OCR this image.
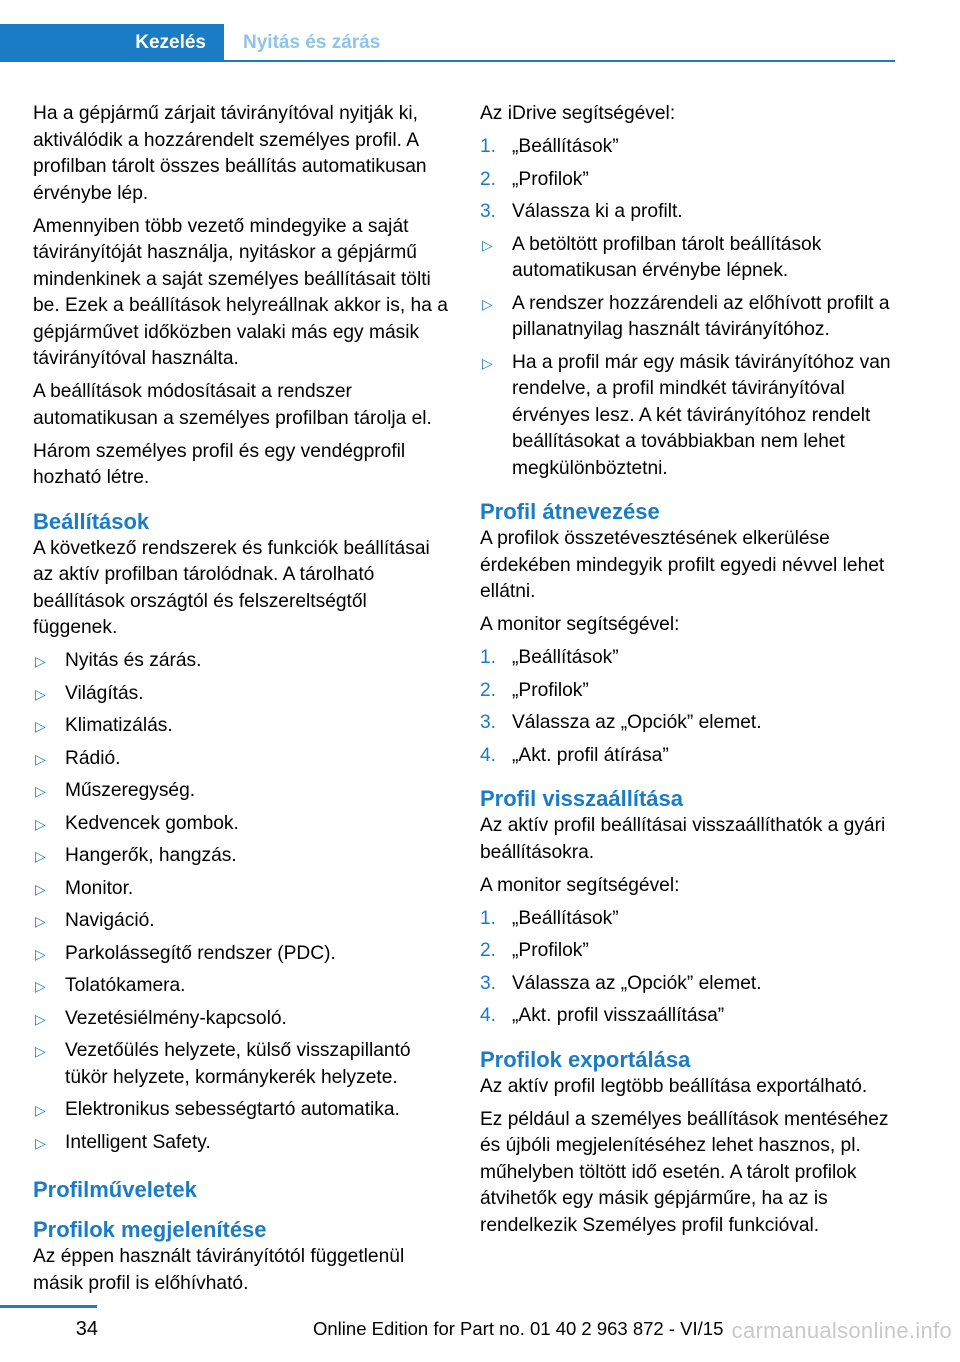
Kezelés	Nyitás és zárás

Ha a gépjármű zárjait távirányítóval nyitják ki, aktiválódik a hozzárendelt személyes profil. A profilban tárolt összes beállítás automatikusan érvénybe lép.

Amennyiben több vezető mindegyike a saját távirányítóját használja, nyitáskor a gépjármű mindenkinek a saját személyes beállításait tölti be. Ezek a beállítások helyreállnak akkor is, ha a gépjárművet időközben valaki más egy másik távirányítóval használta.

A beállítások módosításait a rendszer automatikusan a személyes profilban tárolja el.

Három személyes profil és egy vendégprofil hozható létre.

Beállítások

A következő rendszerek és funkciók beállításai az aktív profilban tárolódnak. A tárolható beállítások országtól és felszereltségtől függenek.

▷ Nyitás és zárás.
▷ Világítás.
▷ Klimatizálás.
▷ Rádió.
▷ Műszeregység.
▷ Kedvencek gombok.
▷ Hangerők, hangzás.
▷ Monitor.
▷ Navigáció.
▷ Parkolássegítő rendszer (PDC).
▷ Tolatókamera.
▷ Vezetésiélmény-kapcsoló.
▷ Vezetőülés helyzete, külső visszapillantó tükör helyzete, kormánykerék helyzete.
▷ Elektronikus sebességtartó automatika.
▷ Intelligent Safety.
Profilműveletek
Profilok megjelenítése

Az éppen használt távirányítótól függetlenül másik profil is előhívható.

Az iDrive segítségével:

1. „Beállítások”
2. „Profilok”
3. Válassza ki a profilt.
▷ A betöltött profilban tárolt beállítások automatikusan érvénybe lépnek.
▷ A rendszer hozzárendeli az előhívott profilt a pillanatnyilag használt távirányítóhoz.
▷ Ha a profil már egy másik távirányítóhoz van rendelve, a profil mindkét távirányítóval érvényes lesz. A két távirányítóhoz rendelt beállításokat a továbbiakban nem lehet megkülönböztetni.
Profil átnevezése

A profilok összetévesztésének elkerülése érdekében mindegyik profilt egyedi névvel lehet ellátni.

A monitor segítségével:

1. „Beállítások”
2. „Profilok”
3. Válassza az „Opciók” elemet.
4. „Akt. profil átírása”
Profil visszaállítása

Az aktív profil beállításai visszaállíthatók a gyári beállításokra.

A monitor segítségével:

1. „Beállítások”
2. „Profilok”
3. Válassza az „Opciók” elemet.
4. „Akt. profil visszaállítása”
Profilok exportálása

Az aktív profil legtöbb beállítása exportálható.

Ez például a személyes beállítások mentéséhez és újbóli megjelenítéséhez lehet hasznos, pl. műhelyben töltött idő esetén. A tárolt profilok átvihetők egy másik gépjárműre, ha az is rendelkezik Személyes profil funkcióval.

34	Online Edition for Part no. 01 40 2 963 872 - VI/15 carmanualsonline.info
